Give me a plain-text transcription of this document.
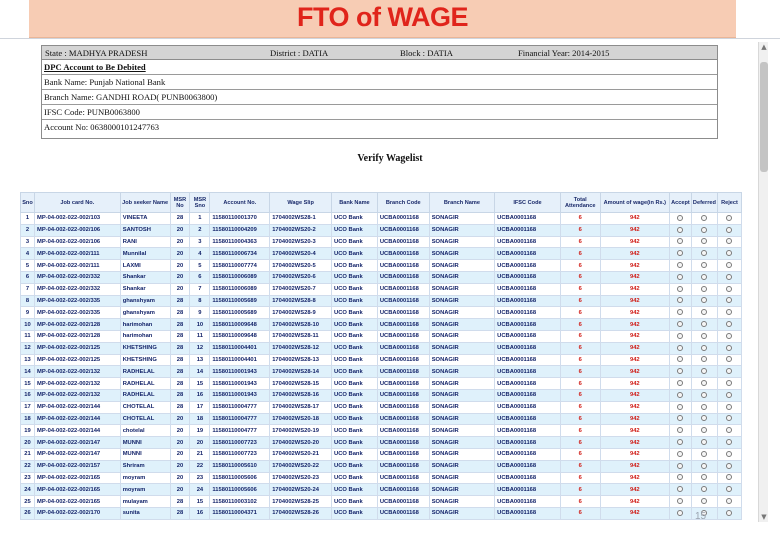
FTO of WAGE
▲
▼
State : MADHYA PRADESH	District : DATIA	Block : DATIA	Financial Year: 2014-2015
DPC Account to Be Debited
Bank Name: Punjab National Bank
Branch Name: GANDHI ROAD( PUNB0063800)
IFSC Code: PUNB0063800
Account No: 0638000101247763
Verify Wagelist
Sno	Job card No.	Job seeker Name	MSR No	MSR Sno	Account No.	Wage Slip	Bank Name	Branch Code	Branch Name	IFSC Code	Total Attendance	Amount of wage(in Rs.)	Accept	Deferred	Reject
1	MP-04-002-022-002/103	VINEETA	28	1	11580110001370	1704002WS28-1	UCO Bank	UCBA0001168	SONAGIR	UCBA0001168	6	942			
2	MP-04-002-022-002/106	SANTOSH	20	2	11580110004209	1704002WS20-2	UCO Bank	UCBA0001168	SONAGIR	UCBA0001168	6	942			
3	MP-04-002-022-002/106	RANI	20	3	11580110004363	1704002WS20-3	UCO Bank	UCBA0001168	SONAGIR	UCBA0001168	6	942			
4	MP-04-002-022-002/111	Munnilal	20	4	11580110006734	1704002WS20-4	UCO Bank	UCBA0001168	SONAGIR	UCBA0001168	6	942			
5	MP-04-002-022-002/111	LAXMI	20	5	11580110007774	1704002WS20-5	UCO Bank	UCBA0001168	SONAGIR	UCBA0001168	6	942			
6	MP-04-002-022-002/332	Shankar	20	6	11580110006089	1704002WS20-6	UCO Bank	UCBA0001168	SONAGIR	UCBA0001168	6	942			
7	MP-04-002-022-002/332	Shankar	20	7	11580110006089	1704002WS20-7	UCO Bank	UCBA0001168	SONAGIR	UCBA0001168	6	942			
8	MP-04-002-022-002/335	ghanshyam	28	8	11580110005689	1704002WS28-8	UCO Bank	UCBA0001168	SONAGIR	UCBA0001168	6	942			
9	MP-04-002-022-002/335	ghanshyam	28	9	11580110005689	1704002WS28-9	UCO Bank	UCBA0001168	SONAGIR	UCBA0001168	6	942			
10	MP-04-002-022-002/128	harimohan	28	10	11580110009648	1704002WS28-10	UCO Bank	UCBA0001168	SONAGIR	UCBA0001168	6	942			
11	MP-04-002-022-002/128	harimohan	28	11	11580110009648	1704002WS28-11	UCO Bank	UCBA0001168	SONAGIR	UCBA0001168	6	942			
12	MP-04-002-022-002/125	KHETSHING	28	12	11580110004401	1704002WS28-12	UCO Bank	UCBA0001168	SONAGIR	UCBA0001168	6	942			
13	MP-04-002-022-002/125	KHETSHING	28	13	11580110004401	1704002WS28-13	UCO Bank	UCBA0001168	SONAGIR	UCBA0001168	6	942			
14	MP-04-002-022-002/132	RADHELAL	28	14	11580110001943	1704002WS28-14	UCO Bank	UCBA0001168	SONAGIR	UCBA0001168	6	942			
15	MP-04-002-022-002/132	RADHELAL	28	15	11580110001943	1704002WS28-15	UCO Bank	UCBA0001168	SONAGIR	UCBA0001168	6	942			
16	MP-04-002-022-002/132	RADHELAL	28	16	11580110001943	1704002WS28-16	UCO Bank	UCBA0001168	SONAGIR	UCBA0001168	6	942			
17	MP-04-002-022-002/144	CHOTELAL	28	17	11580110004777	1704002WS28-17	UCO Bank	UCBA0001168	SONAGIR	UCBA0001168	6	942			
18	MP-04-002-022-002/144	CHOTELAL	20	18	11580110004777	1704002WS20-18	UCO Bank	UCBA0001168	SONAGIR	UCBA0001168	6	942			
19	MP-04-002-022-002/144	chotelal	20	19	11580110004777	1704002WS20-19	UCO Bank	UCBA0001168	SONAGIR	UCBA0001168	6	942			
20	MP-04-002-022-002/147	MUNNI	20	20	11580110007723	1704002WS20-20	UCO Bank	UCBA0001168	SONAGIR	UCBA0001168	6	942			
21	MP-04-002-022-002/147	MUNNI	20	21	11580110007723	1704002WS20-21	UCO Bank	UCBA0001168	SONAGIR	UCBA0001168	6	942			
22	MP-04-002-022-002/157	Shriram	20	22	11580110005610	1704002WS20-22	UCO Bank	UCBA0001168	SONAGIR	UCBA0001168	6	942			
23	MP-04-002-022-002/165	moyram	20	23	11580110005606	1704002WS20-23	UCO Bank	UCBA0001168	SONAGIR	UCBA0001168	6	942			
24	MP-04-002-022-002/165	moyram	20	24	11580110005606	1704002WS20-24	UCO Bank	UCBA0001168	SONAGIR	UCBA0001168	6	942			
25	MP-04-002-022-002/165	mulayam	28	15	11580110003102	1704002WS28-25	UCO Bank	UCBA0001168	SONAGIR	UCBA0001168	6	942			
26	MP-04-002-022-002/170	sunita	28	16	11580110004371	1704002WS28-26	UCO Bank	UCBA0001168	SONAGIR	UCBA0001168	6	942				15
